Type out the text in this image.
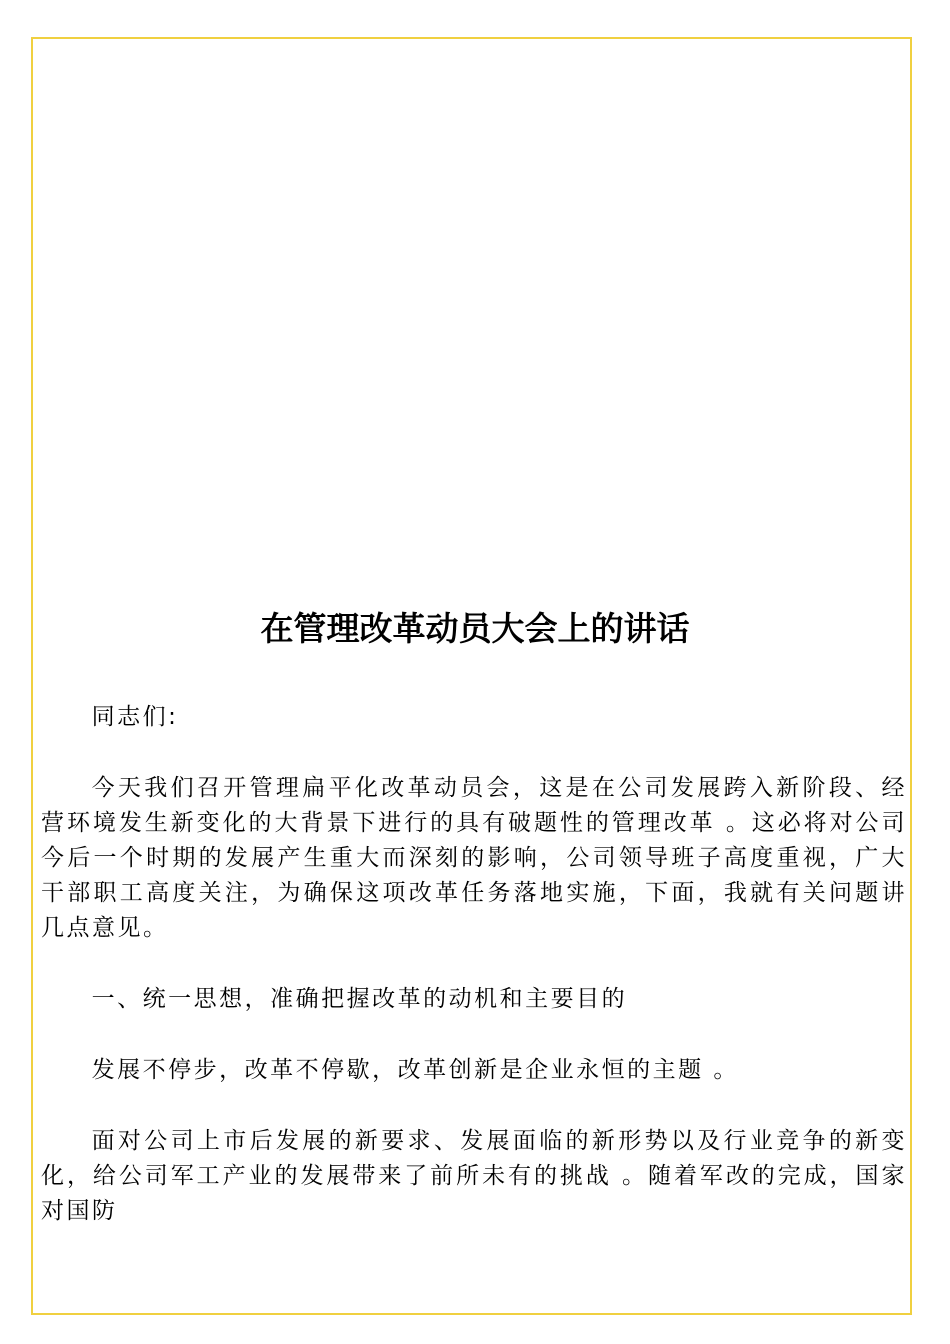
在管理改革动员大会上的讲话

同志们:

今天我们召开管理扁平化改革动员会，这是在公司发展跨入新阶段、经营环境发生新变化的大背景下进行的具有破题性的管理改革 。这必将对公司今后一个时期的发展产生重大而深刻的影响，公司领导班子高度重视，广大干部职工高度关注，为确保这项改革任务落地实施，下面，我就有关问题讲几点意见。

一、统一思想，准确把握改革的动机和主要目的

发展不停步，改革不停歇，改革创新是企业永恒的主题 。

面对公司上市后发展的新要求、发展面临的新形势以及行业竞争的新变化，给公司军工产业的发展带来了前所未有的挑战 。随着军改的完成，国家对国防
